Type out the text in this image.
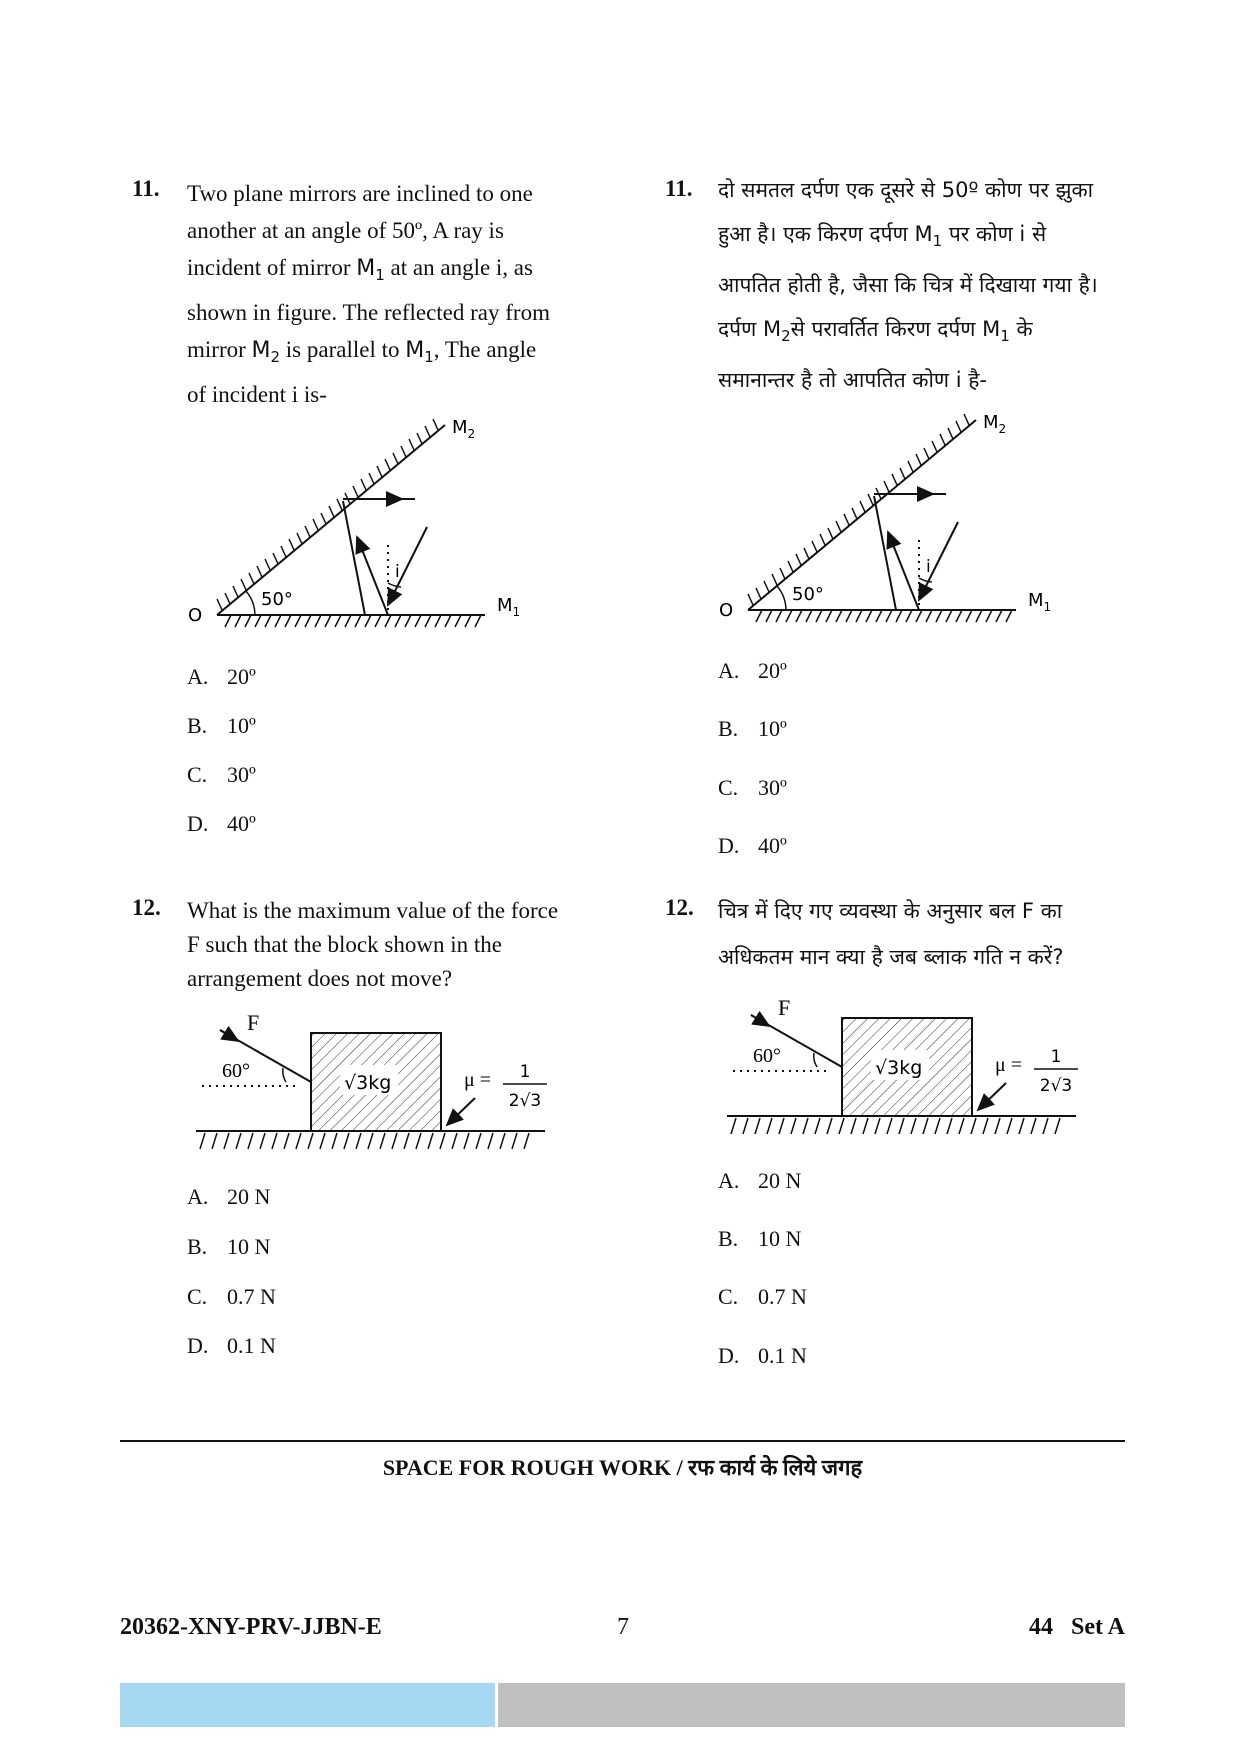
11. Two plane mirrors are inclined to one
another at an angle of 50º, A ray is
incident of mirror $M_1$ at an angle i, as
shown in figure. The reflected ray from
mirror $M_2$ is parallel to $M_1$, The angle
of incident i is-
O
50°
i
$M_2$
$M_1$
A. 20º
B. 10º
C. 30º
D. 40º
11. दो समतल दर्पण एक दूसरे से 50º कोण पर झुका
हुआ है। एक किरण दर्पण $M_1$ पर कोण i से
आपतित होती है, जैसा कि चित्र में दिखाया गया है।
दर्पण $M_2से$ परावर्तित किरण दर्पण $M_1$ के
समानान्तर है तो आपतित कोण i है-
O
50°
i
$M_2$
$M_1$
A. 20º
B. 10º
C. 30º
D. 40º
12. What is the maximum value of the force
F such that the block shown in the
arrangement does not move?
√3kg
F
60°	μ = 1
2√3
A. 20 N
B. 10 N
C. 0.7 N
D. 0.1 N
12. चित्र में दिए गए व्यवस्था के अनुसार बल F का
अधिकतम मान क्या है जब ब्लाक गति न करें?
√3kg
F
60°	μ = 1
2√3
A. 20 N
B. 10 N
C. 0.7 N
D. 0.1 N
SPACE FOR ROUGH WORK / रफ कार्य के लिये जगह
20362-XNY-PRV-JJBN-E	7	44   Set A
